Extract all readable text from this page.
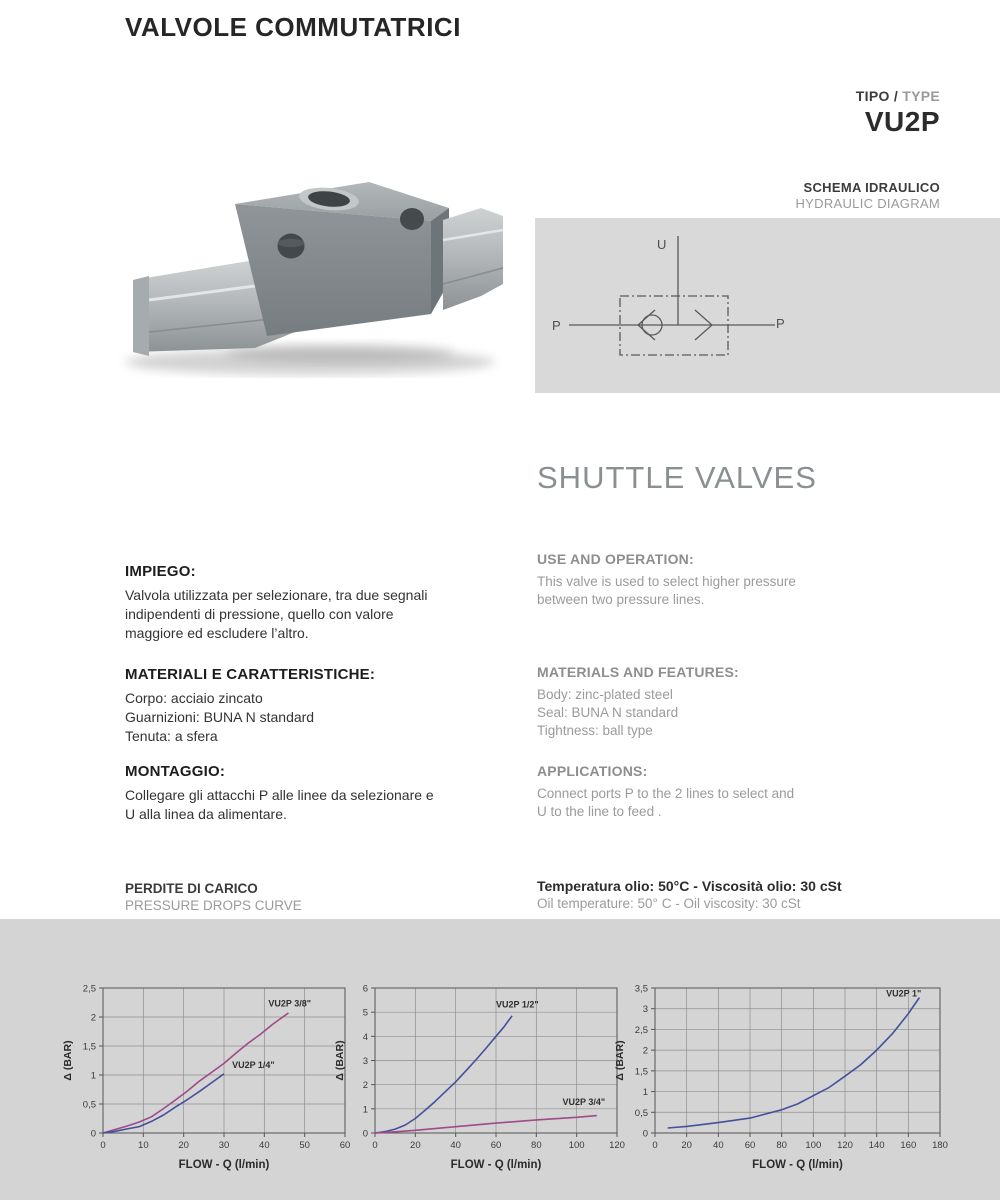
VALVOLE COMMUTATRICI
TIPO / TYPE
VU2P
SCHEMA IDRAULICO
HYDRAULIC DIAGRAM
U
P	P
SHUTTLE VALVES
IMPIEGO:
Valvola utilizzata per selezionare, tra due segnali
indipendenti di pressione, quello con valore
maggiore ed escludere l’altro.
MATERIALI E CARATTERISTICHE:
Corpo: acciaio zincato
Guarnizioni: BUNA N standard
Tenuta: a sfera
MONTAGGIO:
Collegare gli attacchi P alle linee da selezionare e
U alla linea da alimentare.
USE AND OPERATION:
This valve is used to select higher pressure
between two pressure lines.
MATERIALS AND FEATURES:
Body: zinc-plated steel
Seal: BUNA N standard
Tightness: ball type
APPLICATIONS:
Connect ports P to the 2 lines to select and
U to the line to feed .
PERDITE DI CARICO
PRESSURE DROPS CURVE
Temperatura olio: 50°C - Viscosità olio: 30 cSt
Oil temperature: 50° C - Oil viscosity: 30 cSt
0	10	20	30	40	50	60
0
0,5
1
1,5
2
2,5
VU2P 3/8"
VU2P 1/4"
FLOW - Q (l/min)
Δ (BAR)
0	20	40	60	80	100	120
0
1
2
3
4
5
6
VU2P 1/2"
VU2P 3/4"
FLOW - Q (l/min)
Δ (BAR)
0 20 40 60 80 100 120 140 160 180
0
0,5
1
1,5
2
2,5
3
3,5	VU2P 1"
FLOW - Q (l/min)
Δ (BAR)
